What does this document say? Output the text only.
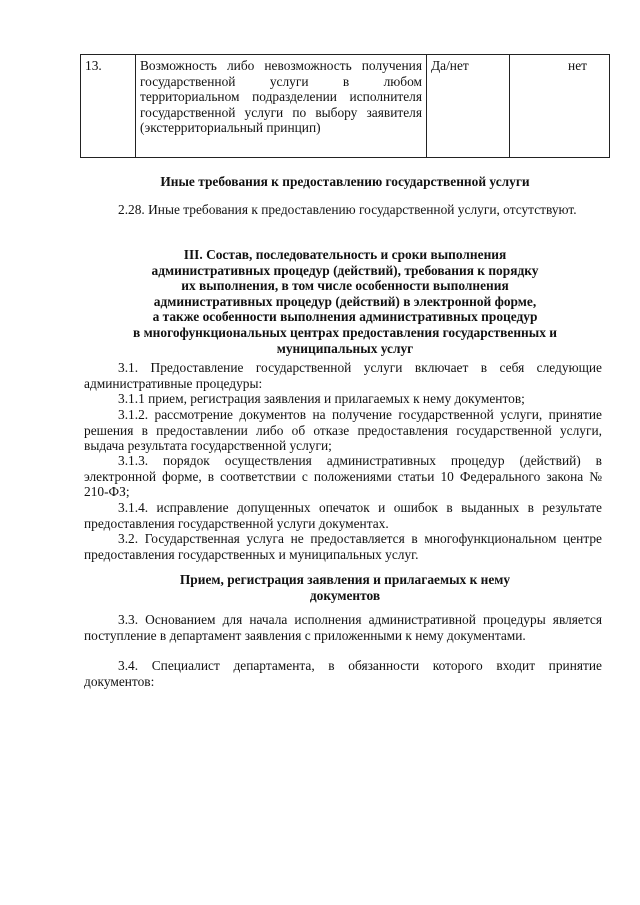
13.	Возможность либо невозможность получения государственной услуги в любом территориальном подразделении исполнителя государственной услуги по выбору заявителя (экстерриториальный принцип)	Да/нет	нет
Иные требования к предоставлению государственной услуги

2.28. Иные требования к предоставлению государственной услуги, отсутствуют.

III. Состав, последовательность и сроки выполнения
административных процедур (действий), требования к порядку
их выполнения, в том числе особенности выполнения
административных процедур (действий) в электронной форме,
а также особенности выполнения административных процедур
в многофункциональных центрах предоставления государственных и
муниципальных услуг

3.1. Предоставление государственной услуги включает в себя следующие административные процедуры:

3.1.1 прием, регистрация заявления и прилагаемых к нему документов;

3.1.2. рассмотрение документов на получение государственной услуги, принятие решения в предоставлении либо об отказе предоставления государственной услуги, выдача результата государственной услуги;

3.1.3. порядок осуществления административных процедур (действий) в электронной форме, в соответствии с положениями статьи 10 Федерального закона № 210-ФЗ;

3.1.4. исправление допущенных опечаток и ошибок в выданных в результате предоставления государственной услуги документах.

3.2. Государственная услуга не предоставляется в многофункциональном центре предоставления государственных и муниципальных услуг.

Прием, регистрация заявления и прилагаемых к нему
документов

3.3. Основанием для начала исполнения административной процедуры является поступление в департамент заявления с приложенными к нему документами.

3.4. Специалист департамента, в обязанности которого входит принятие документов:
